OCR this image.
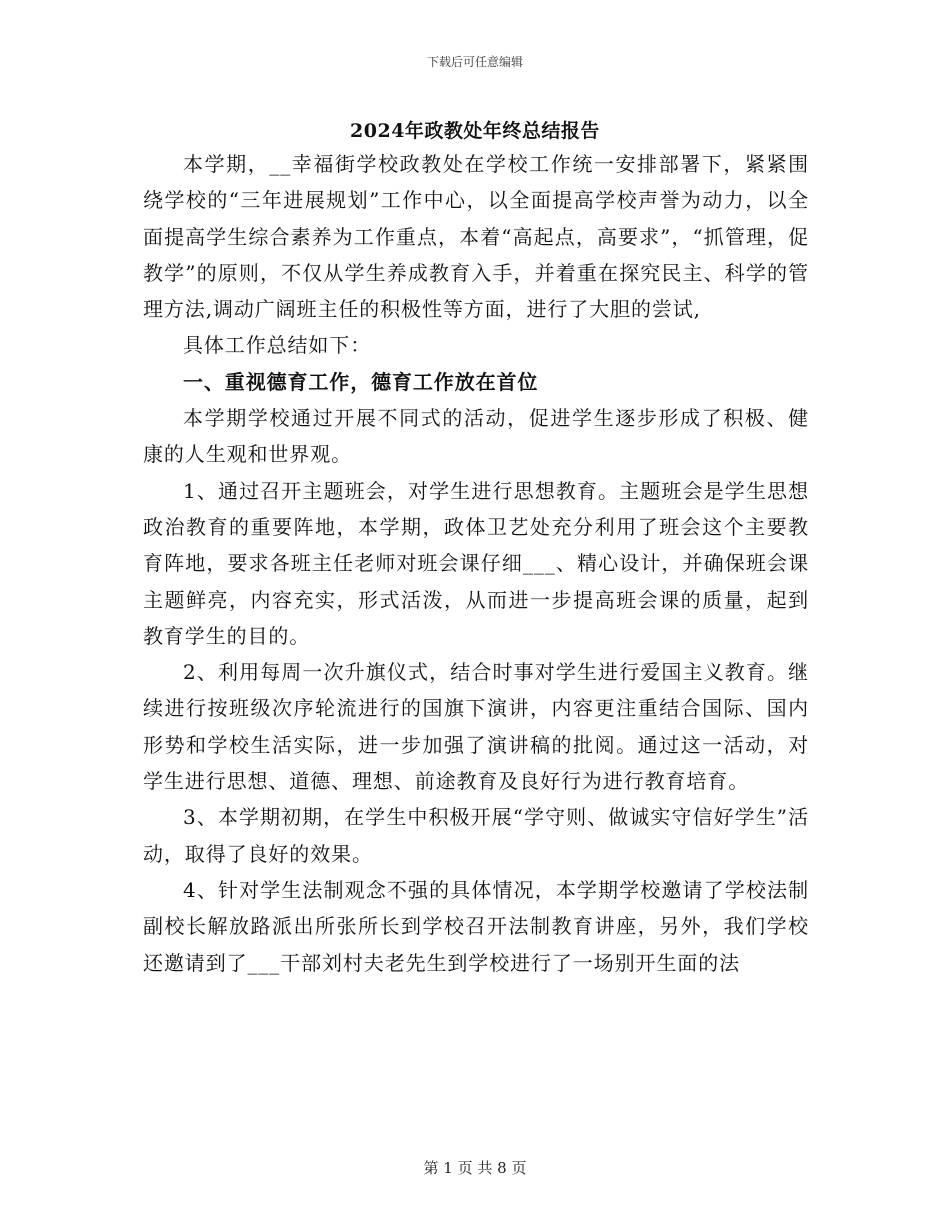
下载后可任意编辑
2024年政教处年终总结报告

本学期，__幸福街学校政教处在学校工作统一安排部署下，紧紧围绕学校的“三年进展规划”工作中心，以全面提高学校声誉为动力，以全面提高学生综合素养为工作重点，本着“高起点，高要求”，“抓管理，促教学”的原则，不仅从学生养成教育入手，并着重在探究民主、科学的管理方法,调动广阔班主任的积极性等方面，进行了大胆的尝试,

具体工作总结如下：

一、重视德育工作，德育工作放在首位

本学期学校通过开展不同式的活动，促进学生逐步形成了积极、健康的人生观和世界观。

1、通过召开主题班会，对学生进行思想教育。主题班会是学生思想政治教育的重要阵地，本学期，政体卫艺处充分利用了班会这个主要教育阵地，要求各班主任老师对班会课仔细___、精心设计，并确保班会课主题鲜亮，内容充实，形式活泼，从而进一步提高班会课的质量，起到教育学生的目的。

2、利用每周一次升旗仪式，结合时事对学生进行爱国主义教育。继续进行按班级次序轮流进行的国旗下演讲，内容更注重结合国际、国内形势和学校生活实际，进一步加强了演讲稿的批阅。通过这一活动，对学生进行思想、道德、理想、前途教育及良好行为进行教育培育。

3、本学期初期，在学生中积极开展“学守则、做诚实守信好学生”活动，取得了良好的效果。

4、针对学生法制观念不强的具体情况，本学期学校邀请了学校法制副校长解放路派出所张所长到学校召开法制教育讲座，另外，我们学校还邀请到了___干部刘村夫老先生到学校进行了一场别开生面的法

第 1 页 共 8 页
